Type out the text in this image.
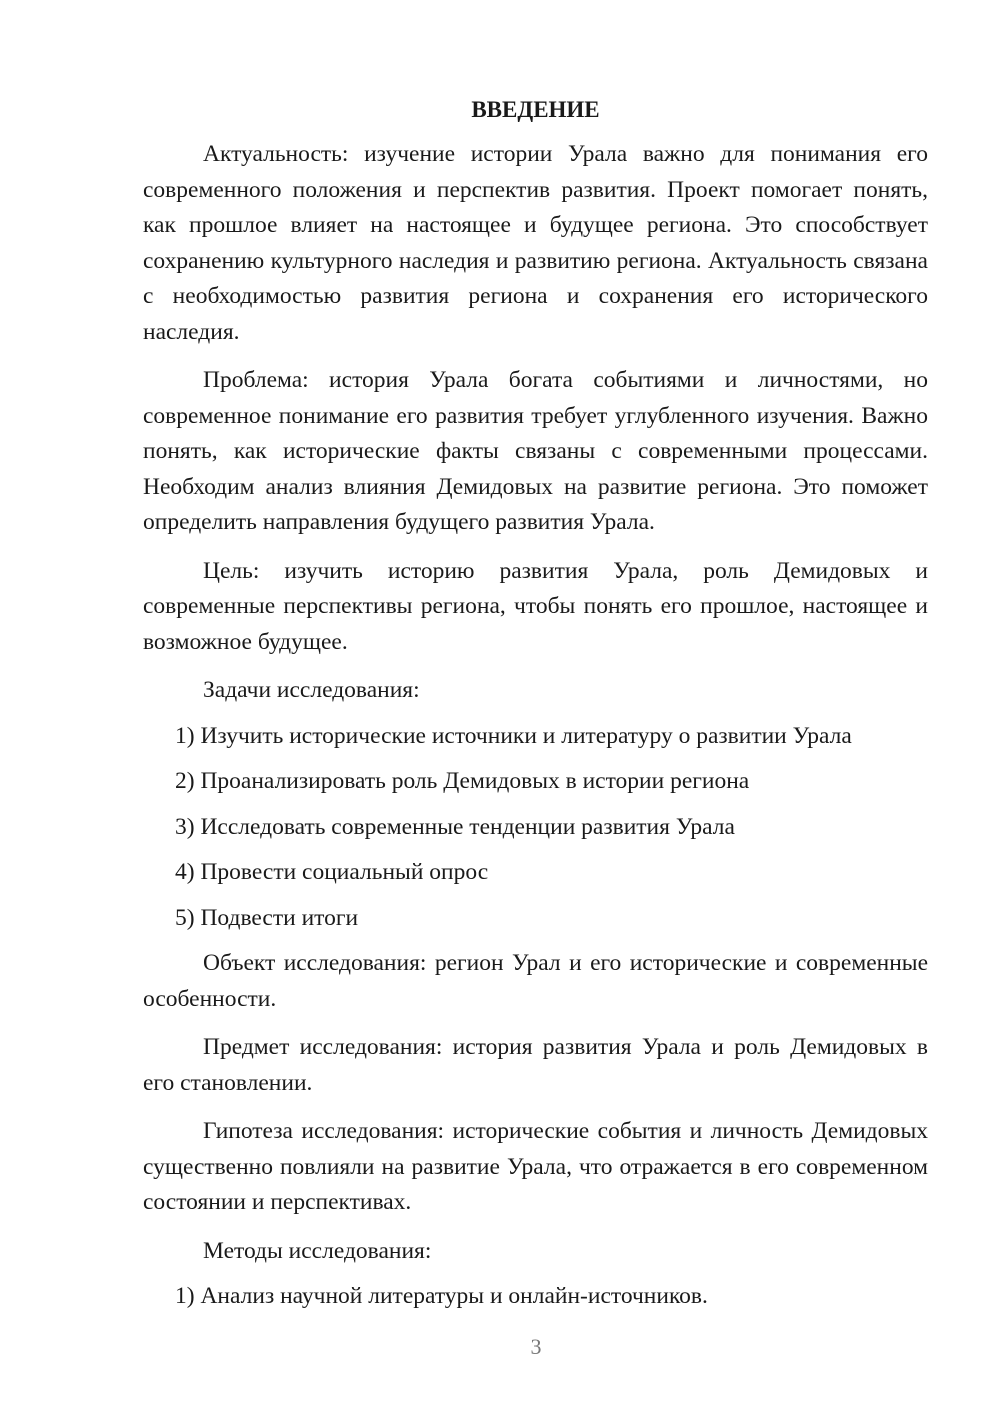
ВВЕДЕНИЕ

Актуальность: изучение истории Урала важно для понимания его современного положения и перспектив развития. Проект помогает понять, как прошлое влияет на настоящее и будущее региона. Это способствует сохранению культурного наследия и развитию региона. Актуальность связана с необходимостью развития региона и сохранения его исторического наследия.

Проблема: история Урала богата событиями и личностями, но современное понимание его развития требует углубленного изучения. Важно понять, как исторические факты связаны с современными процессами. Необходим анализ влияния Демидовых на развитие региона. Это поможет определить направления будущего развития Урала.

Цель: изучить историю развития Урала, роль Демидовых и современные перспективы региона, чтобы понять его прошлое, настоящее и возможное будущее.

Задачи исследования:

1) Изучить исторические источники и литературу о развитии Урала

2) Проанализировать роль Демидовых в истории региона

3) Исследовать современные тенденции развития Урала

4) Провести социальный опрос

5) Подвести итоги

Объект исследования: регион Урал и его исторические и современные особенности.

Предмет исследования: история развития Урала и роль Демидовых в его становлении.

Гипотеза исследования: исторические события и личность Демидовых существенно повлияли на развитие Урала, что отражается в его современном состоянии и перспективах.

Методы исследования:

1) Анализ научной литературы и онлайн-источников.

3
